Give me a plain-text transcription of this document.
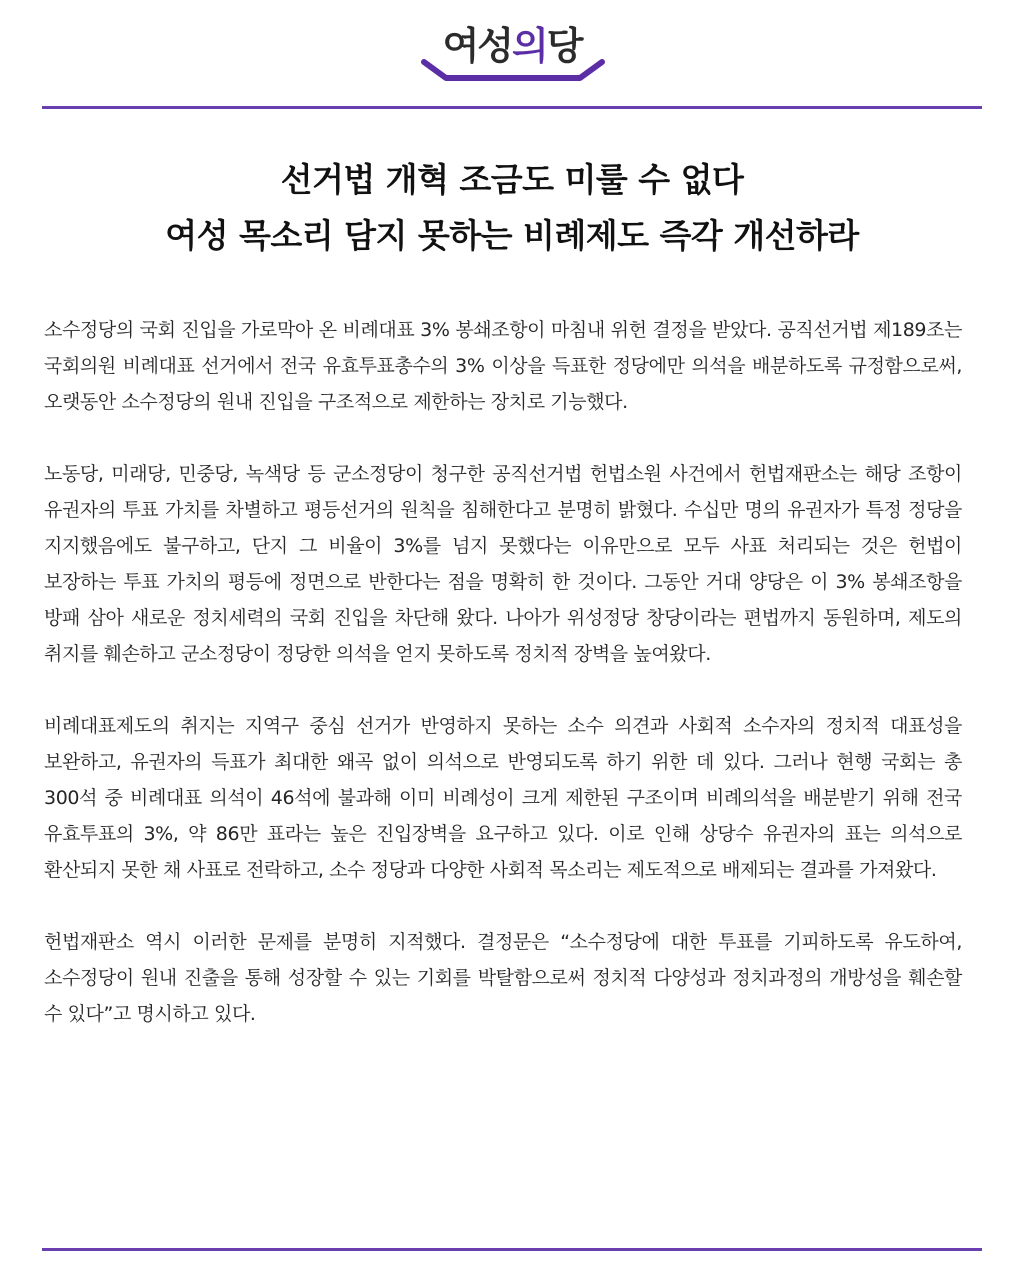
여성의당
선거법 개혁 조금도 미룰 수 없다
여성 목소리 담지 못하는 비례제도 즉각 개선하라

소수정당의 국회 진입을 가로막아 온 비례대표 3% 봉쇄조항이 마침내 위헌 결정을 받았다. 공직선거법 제189조는 국회의원 비례대표 선거에서 전국 유효투표총수의 3% 이상을 득표한 정당에만 의석을 배분하도록 규정함으로써, 오랫동안 소수정당의 원내 진입을 구조적으로 제한하는 장치로 기능했다.

노동당, 미래당, 민중당, 녹색당 등 군소정당이 청구한 공직선거법 헌법소원 사건에서 헌법재판소는 해당 조항이 유권자의 투표 가치를 차별하고 평등선거의 원칙을 침해한다고 분명히 밝혔다. 수십만 명의 유권자가 특정 정당을 지지했음에도 불구하고, 단지 그 비율이 3%를 넘지 못했다는 이유만으로 모두 사표 처리되는 것은 헌법이 보장하는 투표 가치의 평등에 정면으로 반한다는 점을 명확히 한 것이다. 그동안 거대 양당은 이 3% 봉쇄조항을 방패 삼아 새로운 정치세력의 국회 진입을 차단해 왔다. 나아가 위성정당 창당이라는 편법까지 동원하며, 제도의 취지를 훼손하고 군소정당이 정당한 의석을 얻지 못하도록 정치적 장벽을 높여왔다.

비례대표제도의 취지는 지역구 중심 선거가 반영하지 못하는 소수 의견과 사회적 소수자의 정치적 대표성을 보완하고, 유권자의 득표가 최대한 왜곡 없이 의석으로 반영되도록 하기 위한 데 있다. 그러나 현행 국회는 총 300석 중 비례대표 의석이 46석에 불과해 이미 비례성이 크게 제한된 구조이며 비례의석을 배분받기 위해 전국 유효투표의 3%, 약 86만 표라는 높은 진입장벽을 요구하고 있다. 이로 인해 상당수 유권자의 표는 의석으로 환산되지 못한 채 사표로 전락하고, 소수 정당과 다양한 사회적 목소리는 제도적으로 배제되는 결과를 가져왔다.

헌법재판소 역시 이러한 문제를 분명히 지적했다. 결정문은 “소수정당에 대한 투표를 기피하도록 유도하여, 소수정당이 원내 진출을 통해 성장할 수 있는 기회를 박탈함으로써 정치적 다양성과 정치과정의 개방성을 훼손할 수 있다”고 명시하고 있다.
